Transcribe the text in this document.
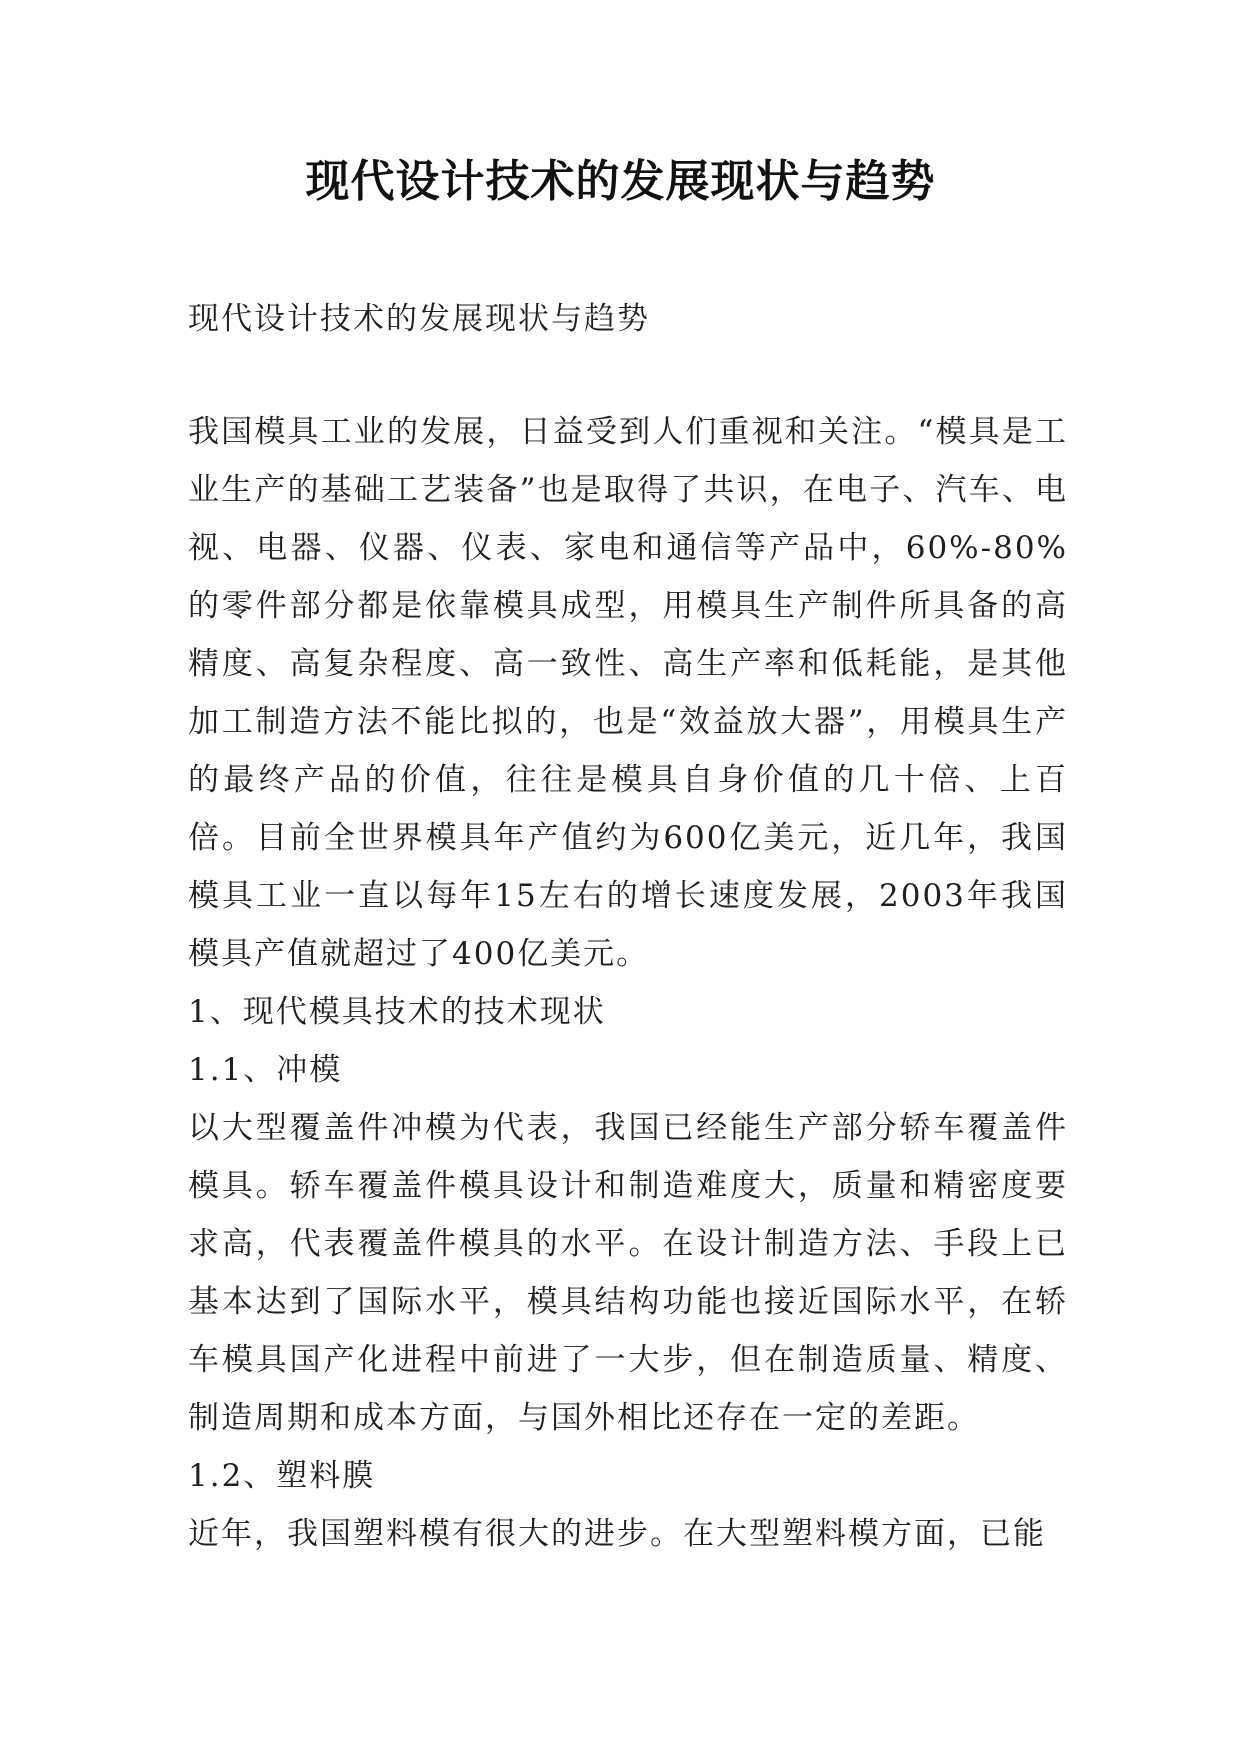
现代设计技术的发展现状与趋势

现代设计技术的发展现状与趋势

我国模具工业的发展，日益受到人们重视和关注。“模具是工业生产的基础工艺装备”也是取得了共识，在电子、汽车、电视、电器、仪器、仪表、家电和通信等产品中，60%-80%的零件部分都是依靠模具成型，用模具生产制件所具备的高精度、高复杂程度、高一致性、高生产率和低耗能，是其他加工制造方法不能比拟的，也是“效益放大器”，用模具生产的最终产品的价值，往往是模具自身价值的几十倍、上百倍。目前全世界模具年产值约为600亿美元，近几年，我国模具工业一直以每年15左右的增长速度发展，2003年我国模具产值就超过了400亿美元。

1、现代模具技术的技术现状

1.1、冲模

以大型覆盖件冲模为代表，我国已经能生产部分轿车覆盖件模具。轿车覆盖件模具设计和制造难度大，质量和精密度要求高，代表覆盖件模具的水平。在设计制造方法、手段上已基本达到了国际水平，模具结构功能也接近国际水平，在轿车模具国产化进程中前进了一大步，但在制造质量、精度、制造周期和成本方面，与国外相比还存在一定的差距。

1.2、塑料膜

近年，我国塑料模有很大的进步。在大型塑料模方面，已能
